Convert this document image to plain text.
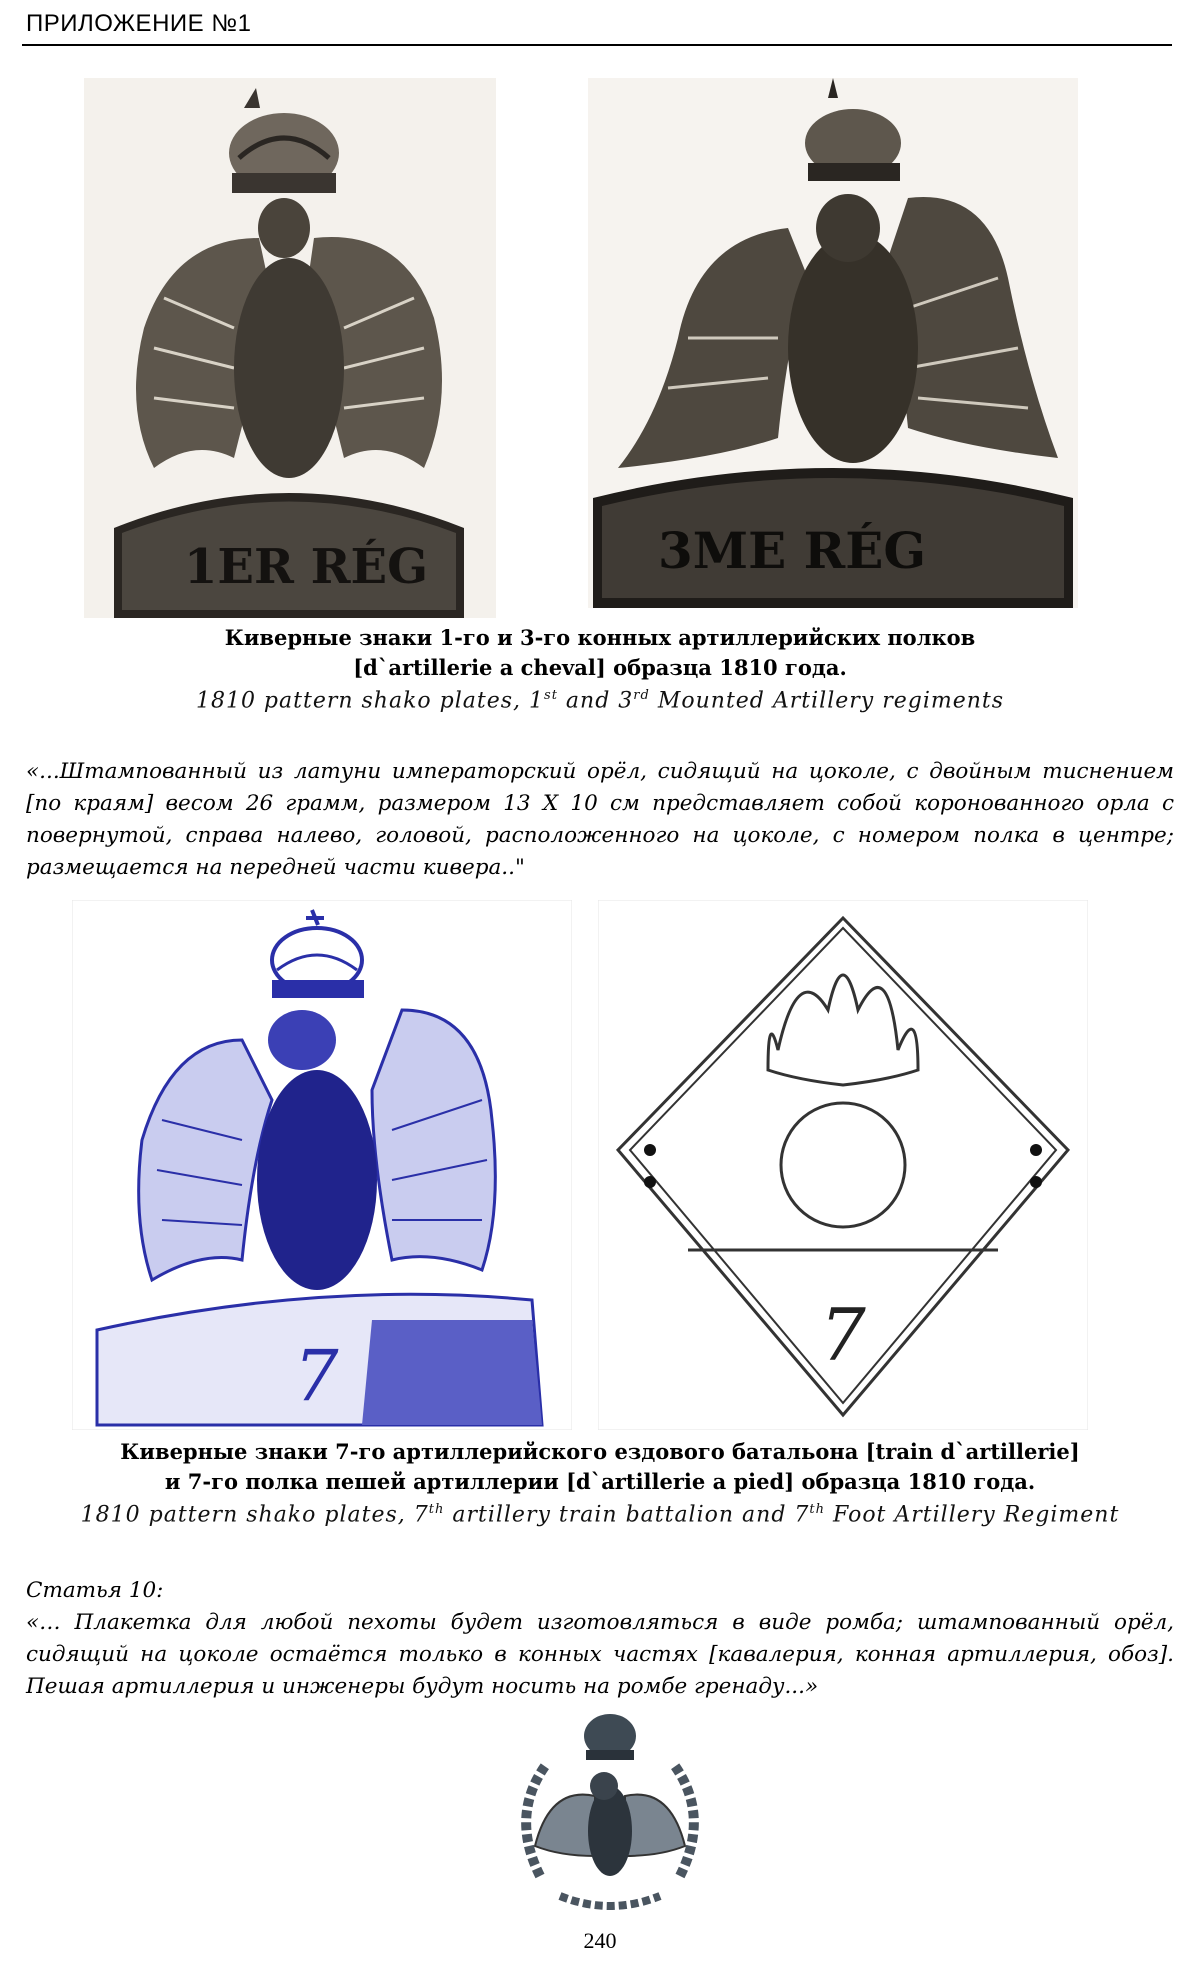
ПРИЛОЖЕНИЕ №1
1ER RÉG	3ME RÉG
Киверные знаки 1-го и 3-го конных артиллерийских полков
[d`artillerie a cheval] образца 1810 года.
1810 pattern shako plates, 1st and 3rd Mounted Artillery regiments
«...Штампованный из латуни императорский орёл, сидящий на цоколе, с двойным тиснением [по краям] весом 26 грамм, размером 13 Х 10 см представляет собой коронованного орла с повернутой, справа налево, головой, расположенного на цоколе, с номером полка в центре; размещается на передней части кивера.."
7	7
Киверные знаки 7-го артиллерийского ездового батальона [train d`artillerie]
и 7-го полка пешей артиллерии [d`artillerie a pied] образца 1810 года.
1810 pattern shako plates, 7th artillery train battalion and 7th Foot Artillery Regiment
Статья 10:
«… Плакетка для любой пехоты будет изготовляться в виде ромба; штампованный орёл, сидящий на цоколе остаётся только в конных частях [кавалерия, конная артиллерия, обоз]. Пешая артиллерия и инженеры будут носить на ромбе гренаду...»
240
